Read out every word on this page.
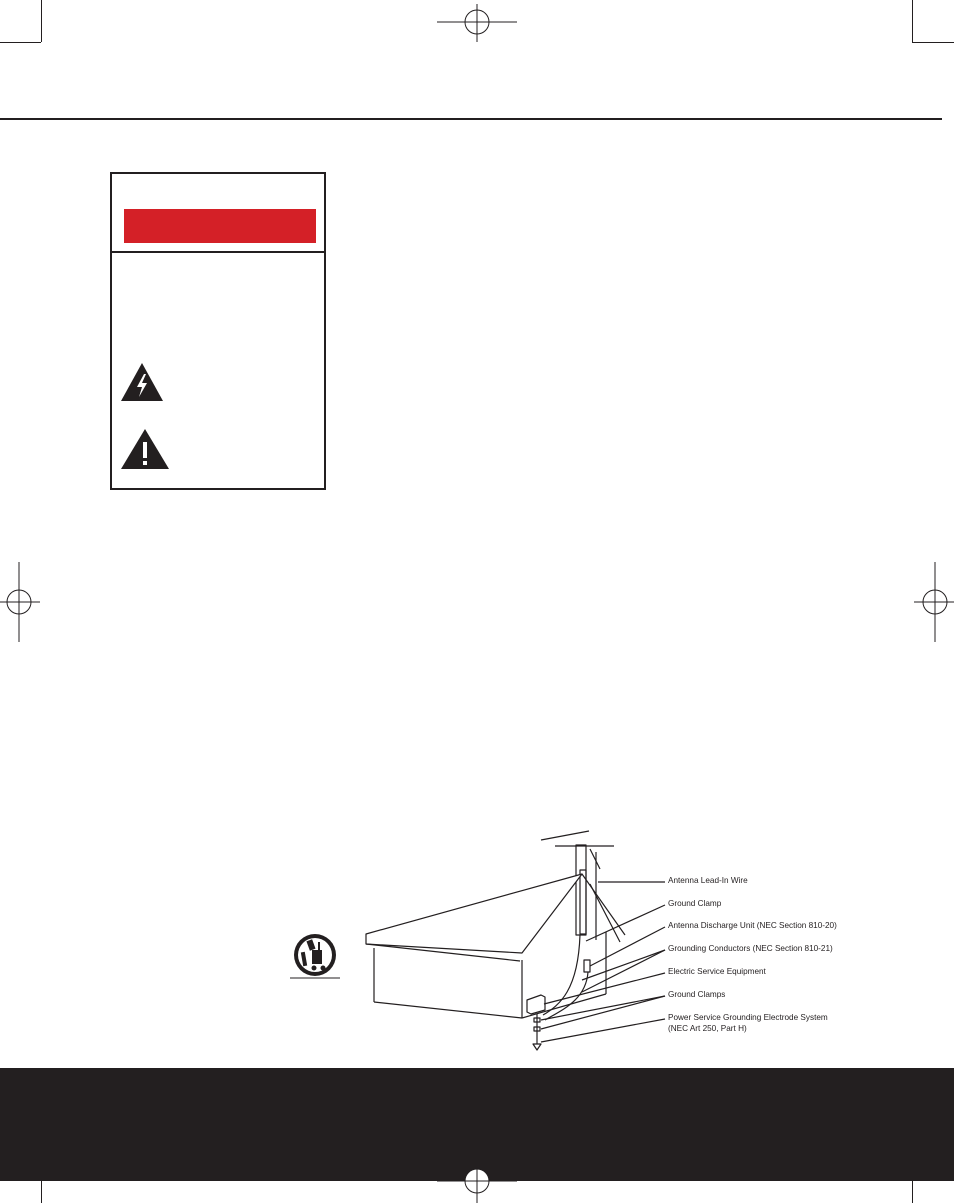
Antenna Lead-In Wire
Ground Clamp
Antenna Discharge Unit (NEC Section 810-20)
Grounding Conductors (NEC Section 810-21)
Electric Service Equipment
Ground Clamps
Power Service Grounding Electrode System
(NEC Art 250, Part H)
